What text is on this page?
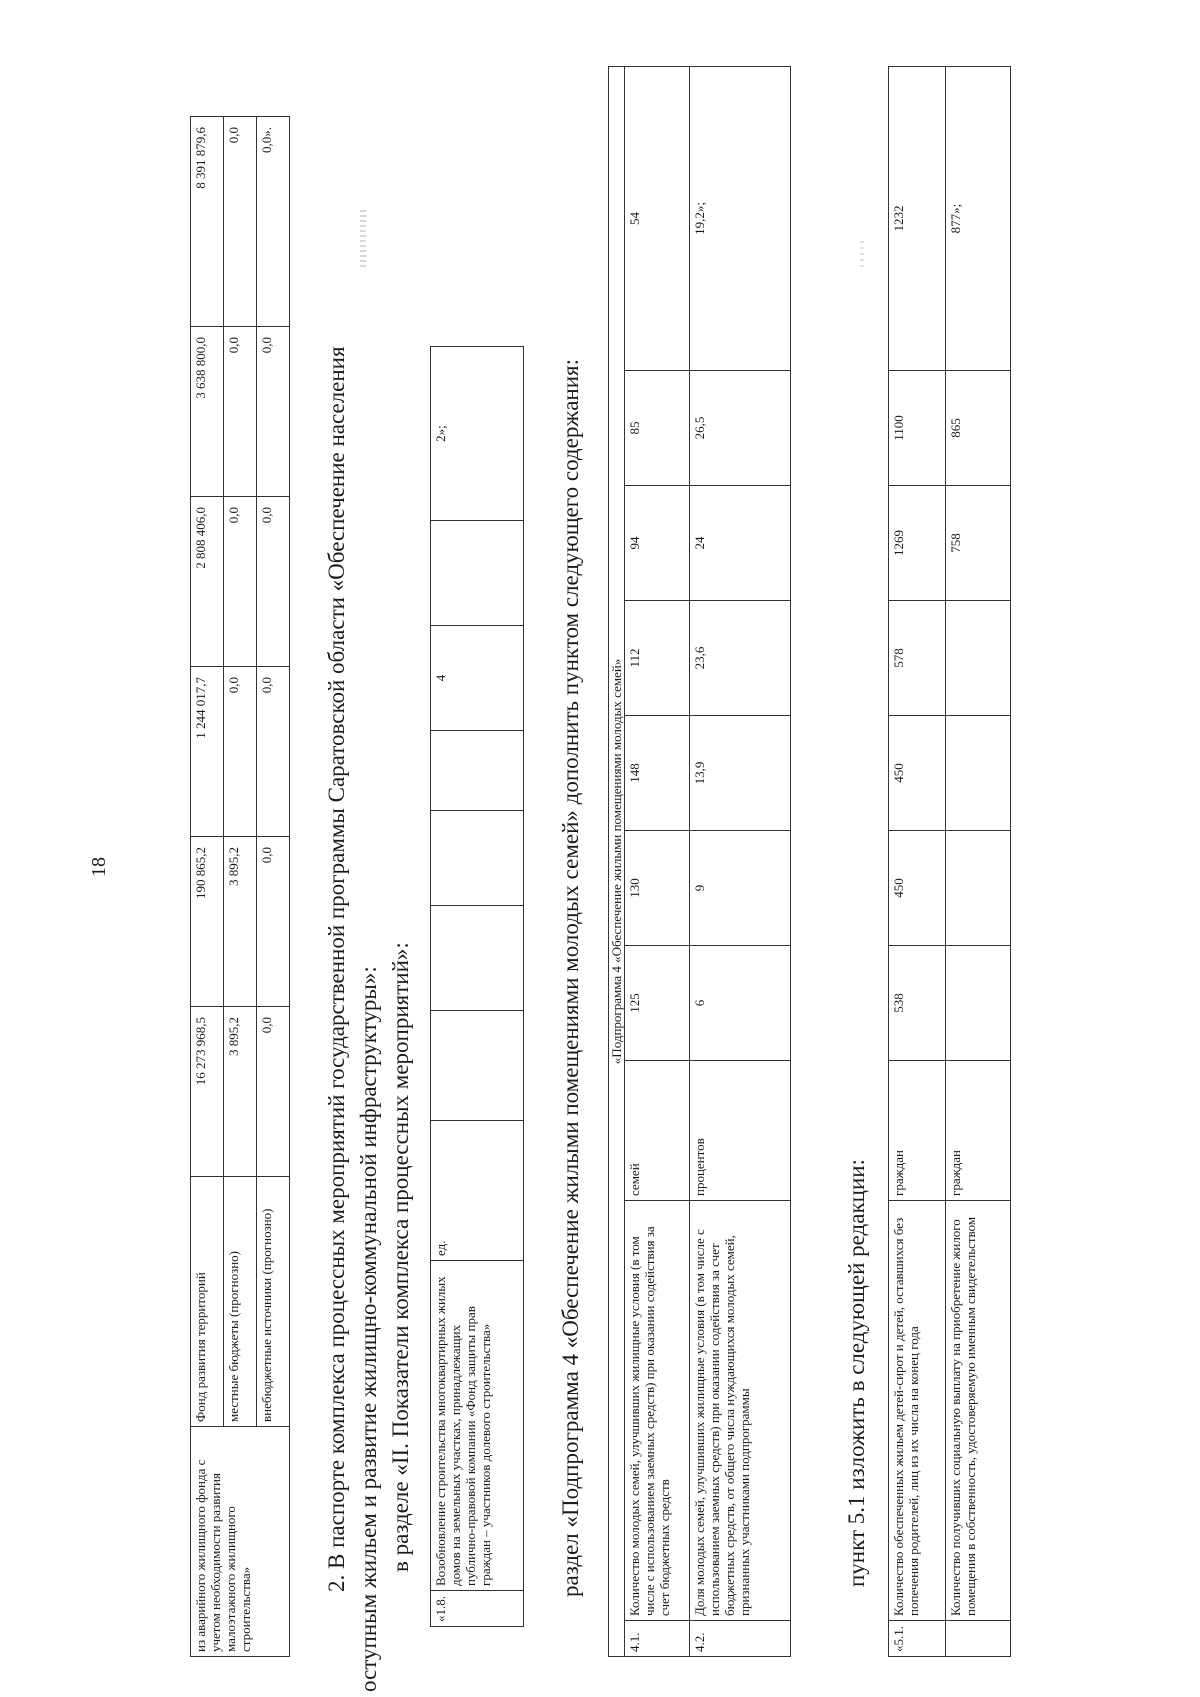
18
из аварийного жилищного фонда с учетом необходимости развития малоэтажного жилищного строительства»	Фонд развития территорий	16 273 968,5	190 865,2	1 244 017,7	2 808 406,0	3 638 800,0	8 391 879,6
	местные бюджеты (прогнозно)	3 895,2	3 895,2	0,0	0,0	0,0	0,0
	внебюджетные источники (прогнозно)	0,0	0,0	0,0	0,0	0,0	0,0».
2. В паспорте комплекса процессных мероприятий государственной программы Саратовской области «Обеспечение населения оступным жильем и развитие жилищно-коммунальной инфраструктуры»: в разделе «II. Показатели комплекса процессных мероприятий»:
«1.8.	Возобновление строительства многоквартирных жилых домов на земельных участках, принадлежащих публично-правовой компании «Фонд защиты прав граждан – участников долевого строительства»	ед.					4		2»;	раздел «Подпрограмма 4 «Обеспечение жилыми помещениями молодых семей» дополнить пунктом следующего содержания: «Подпрограмма 4 «Обеспечение жилыми помещениями молодых семей»									
4.1.	Количество молодых семей, улучшивших жилищные условия (в том числе с использованием заемных средств) при оказании содействия за счет бюджетных средств	семей	125	130	148	112	94	85	54
4.2.	Доля молодых семей, улучшивших жилищные условия (в том числе с использованием заемных средств) при оказании содействия за счет бюджетных средств, от общего числа нуждающихся молодых семей, признанных участниками подпрограммы	процентов	6	9	13,9	23,6	24	26,5	19,2»;
пункт 5.1 изложить в следующей редакции:
«5.1.	Количество обеспеченных жильем детей-сирот и детей, оставшихся без попечения родителей, лиц из их числа на конец года	граждан	538	450	450	578	1269	1100	1232
	Количество получивших социальную выплату на приобретение жилого помещения в собственность, удостоверяемую именным свидетельством	граждан					758	865	877»;
